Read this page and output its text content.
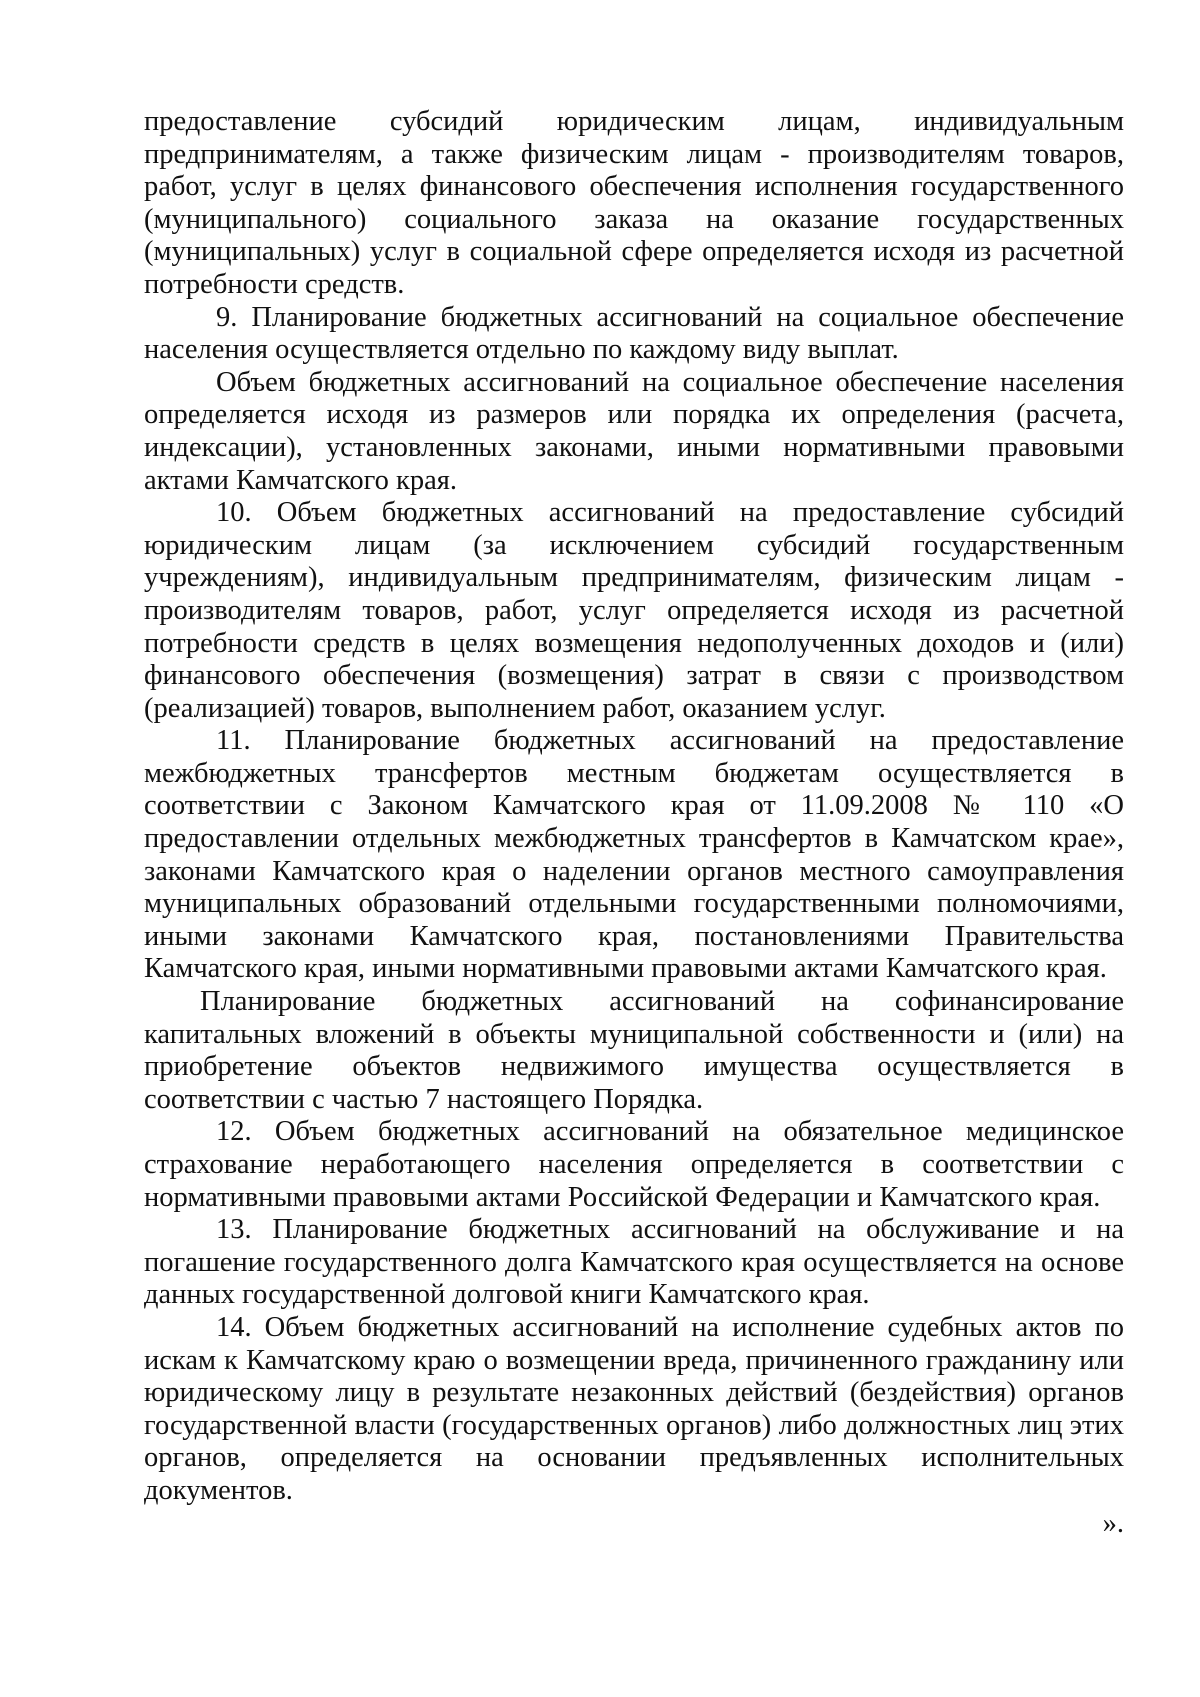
предоставление субсидий юридическим лицам, индивидуальным предпринимателям, а также физическим лицам - производителям товаров, работ, услуг в целях финансового обеспечения исполнения государственного (муниципального) социального заказа на оказание государственных (муниципальных) услуг в социальной сфере определяется исходя из расчетной потребности средств.

9. Планирование бюджетных ассигнований на социальное обеспечение населения осуществляется отдельно по каждому виду выплат.

Объем бюджетных ассигнований на социальное обеспечение населения определяется исходя из размеров или порядка их определения (расчета, индексации), установленных законами, иными нормативными правовыми актами Камчатского края.

10. Объем бюджетных ассигнований на предоставление субсидий юридическим лицам (за исключением субсидий государственным учреждениям), индивидуальным предпринимателям, физическим лицам - производителям товаров, работ, услуг определяется исходя из расчетной потребности средств в целях возмещения недополученных доходов и (или) финансового обеспечения (возмещения) затрат в связи с производством (реализацией) товаров, выполнением работ, оказанием услуг.

11. Планирование бюджетных ассигнований на предоставление межбюджетных трансфертов местным бюджетам осуществляется в соответствии с Законом Камчатского края от 11.09.2008 № 110 «О предоставлении отдельных межбюджетных трансфертов в Камчатском крае», законами Камчатского края о наделении органов местного самоуправления муниципальных образований отдельными государственными полномочиями, иными законами Камчатского края, постановлениями Правительства Камчатского края, иными нормативными правовыми актами Камчатского края.

Планирование бюджетных ассигнований на софинансирование капитальных вложений в объекты муниципальной собственности и (или) на приобретение объектов недвижимого имущества осуществляется в соответствии с частью 7 настоящего Порядка.

12. Объем бюджетных ассигнований на обязательное медицинское страхование неработающего населения определяется в соответствии с нормативными правовыми актами Российской Федерации и Камчатского края.

13. Планирование бюджетных ассигнований на обслуживание и на погашение государственного долга Камчатского края осуществляется на основе данных государственной долговой книги Камчатского края.

14. Объем бюджетных ассигнований на исполнение судебных актов по искам к Камчатскому краю о возмещении вреда, причиненного гражданину или юридическому лицу в результате незаконных действий (бездействия) органов государственной власти (государственных органов) либо должностных лиц этих органов, определяется на основании предъявленных исполнительных документов.

».
